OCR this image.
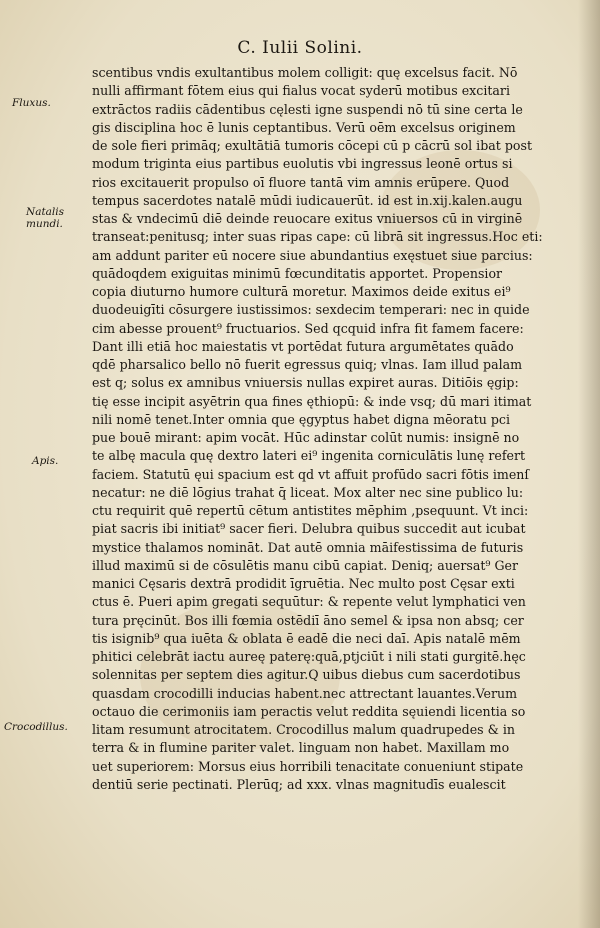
C. Iulii Solini.
Fluxus.
Natalis mundi.
Apis.
Crocodillus.
scentibus vndis exultantibus molem colligit: quę excelsus facit. Nō
nulli affirmant fōtem eius qui fialus vocat syderū motibus excitari
extrāctos radiis cādentibus cęlesti igne suspendi nō tū sine certa le
gis disciplina hoc ē lunis ceptantibus. Verū oēm excelsus originem
de sole fieri primāq; exultātiā tumoris cōcepi cū p cācrū sol ibat post
modum triginta eius partibus euolutis vbi ingressus leonē ortus si
rios excitauerit propulso oī fluore tantā vim amnis erūpere. Quod
tempus sacerdotes natalē mūdi iudicauerūt. id est in.xij.kalen.augu
stas & vndecimū diē deinde reuocare exitus vniuersos cū in virginē
transeat:penitusq; inter suas ripas cape: cū librā sit ingressus.Hoc eti:
am addunt pariter eū nocere siue abundantius exęstuet siue parcius:
quādoqdem exiguitas minimū fœcunditatis apportet. Propensior
copia diuturno humore culturā moretur. Maximos deide exitus ei⁹
duodeuigīti cōsurgere iustissimos: sexdecim temperari: nec in quide
cim abesse prouent⁹ fructuarios. Sed qcquid infra fit famem facere:
Dant illi etiā hoc maiestatis vt portēdat futura argumētates quādo
qdē pharsalico bello nō fuerit egressus quiq; vlnas. Iam illud palam
est q; solus ex amnibus vniuersis nullas expiret auras. Ditiōis ęgip:
tię esse incipit asyētrin qua fines ęthiopū: & inde vsq; dū mari itimat
nili nomē tenet.Inter omnia que ęgyptus habet digna mēoratu pci
pue bouē mirant: apim vocāt. Hūc adinstar colūt numis: insignē no
te albę macula quę dextro lateri ei⁹ ingenita corniculātis lunę refert
faciem. Statutū ęui spacium est qd vt affuit profūdo sacri fōtis imenſ
necatur: ne diē lōgius trahat q̄ liceat. Mox alter nec sine publico lu:
ctu requirit quē repertū cētum antistites mēphim ,psequunt. Vt inci:
piat sacris ibi initiat⁹ sacer fieri. Delubra quibus succedit aut icubat
mystice thalamos nomināt. Dat autē omnia māifestissima de futuris
illud maximū si de cōsulētis manu cibū capiat. Deniq; auersat⁹ Ger
manici Cęsaris dextrā prodidit īgruētia. Nec multo post Cęsar exti
ctus ē. Pueri apim gregati sequūtur: & repente velut lymphatici ven
tura pręcinūt. Bos illi fœmia ostēdiī āno semel & ipsa non absq; cer
tis isignib⁹ qua iuēta & oblata ē eadē die neci daī. Apis natalē mēm
phitici celebrāt iactu aureę paterę:quā,ptjciūt i nili stati gurgitē.hęc
solennitas per septem dies agitur.Q uibus diebus cum sacerdotibus
quasdam crocodilli inducias habent.nec attrectant lauantes.Verum
octauo die cerimoniis iam peractis velut reddita sęuiendi licentia so
litam resumunt atrocitatem. Crocodillus malum quadrupedes & in
terra & in flumine pariter valet. linguam non habet. Maxillam mo
uet superiorem: Morsus eius horribili tenacitate conueniunt stipate
dentiū serie pectinati. Plerūq; ad xxx. vlnas magnitudīs eualescit
